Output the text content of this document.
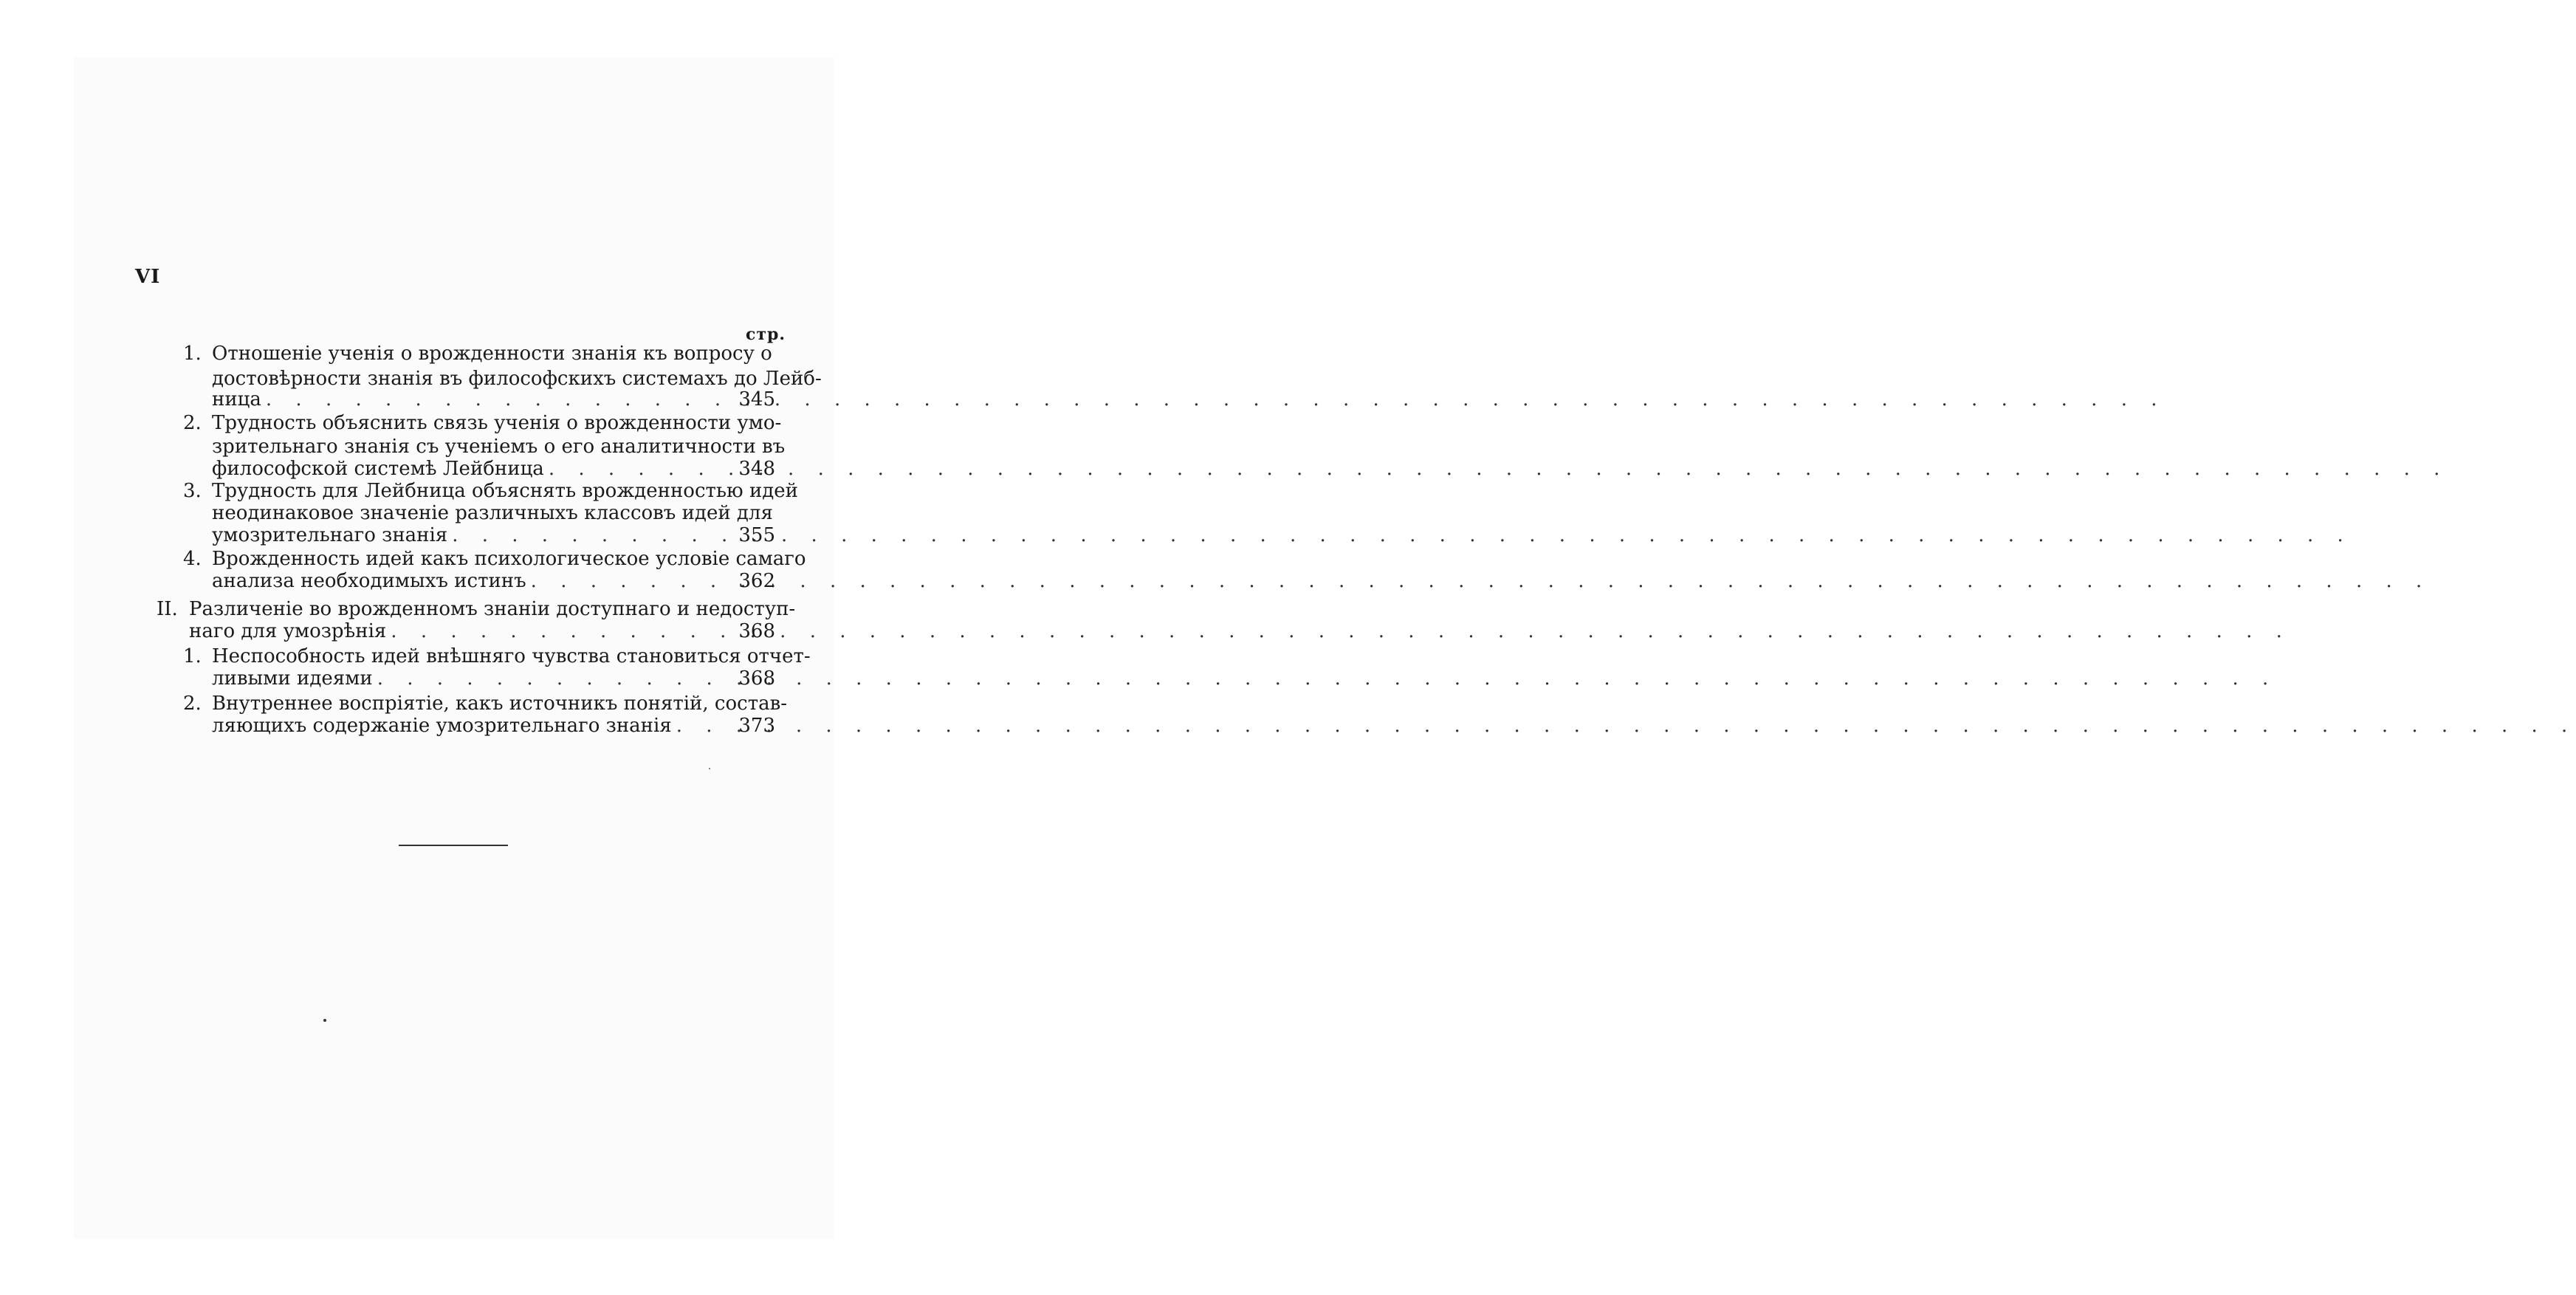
VI
стр.
1. Отношеніе ученія о врожденности знанія къ вопросу о
достовѣрности знанія въ философскихъ системахъ до Лейб-
ница . . .	345
2. Трудность объяснить связь ученія о врожденности умо-
зрительнаго знанія съ ученіемъ о его аналитичности въ
философской системѣ Лейбница . . .	348
3. Трудность для Лейбница объяснять врожденностью идей
неодинаковое значеніе различныхъ классовъ идей для
умозрительнаго знанія . . .	355
4. Врожденность идей какъ психологическое условіе самаго
анализа необходимыхъ истинъ . . .	362
II. Различеніе во врожденномъ знаніи доступнаго и недоступ-
наго для умозрѣнія . . .	368
1. Неспособность идей внѣшняго чувства становиться отчет-
ливыми идеями . . .	368
2. Внутреннее воспріятіе, какъ источникъ понятій, состав-
ляющихъ содержаніе умозрительнаго знанія . . .	373
